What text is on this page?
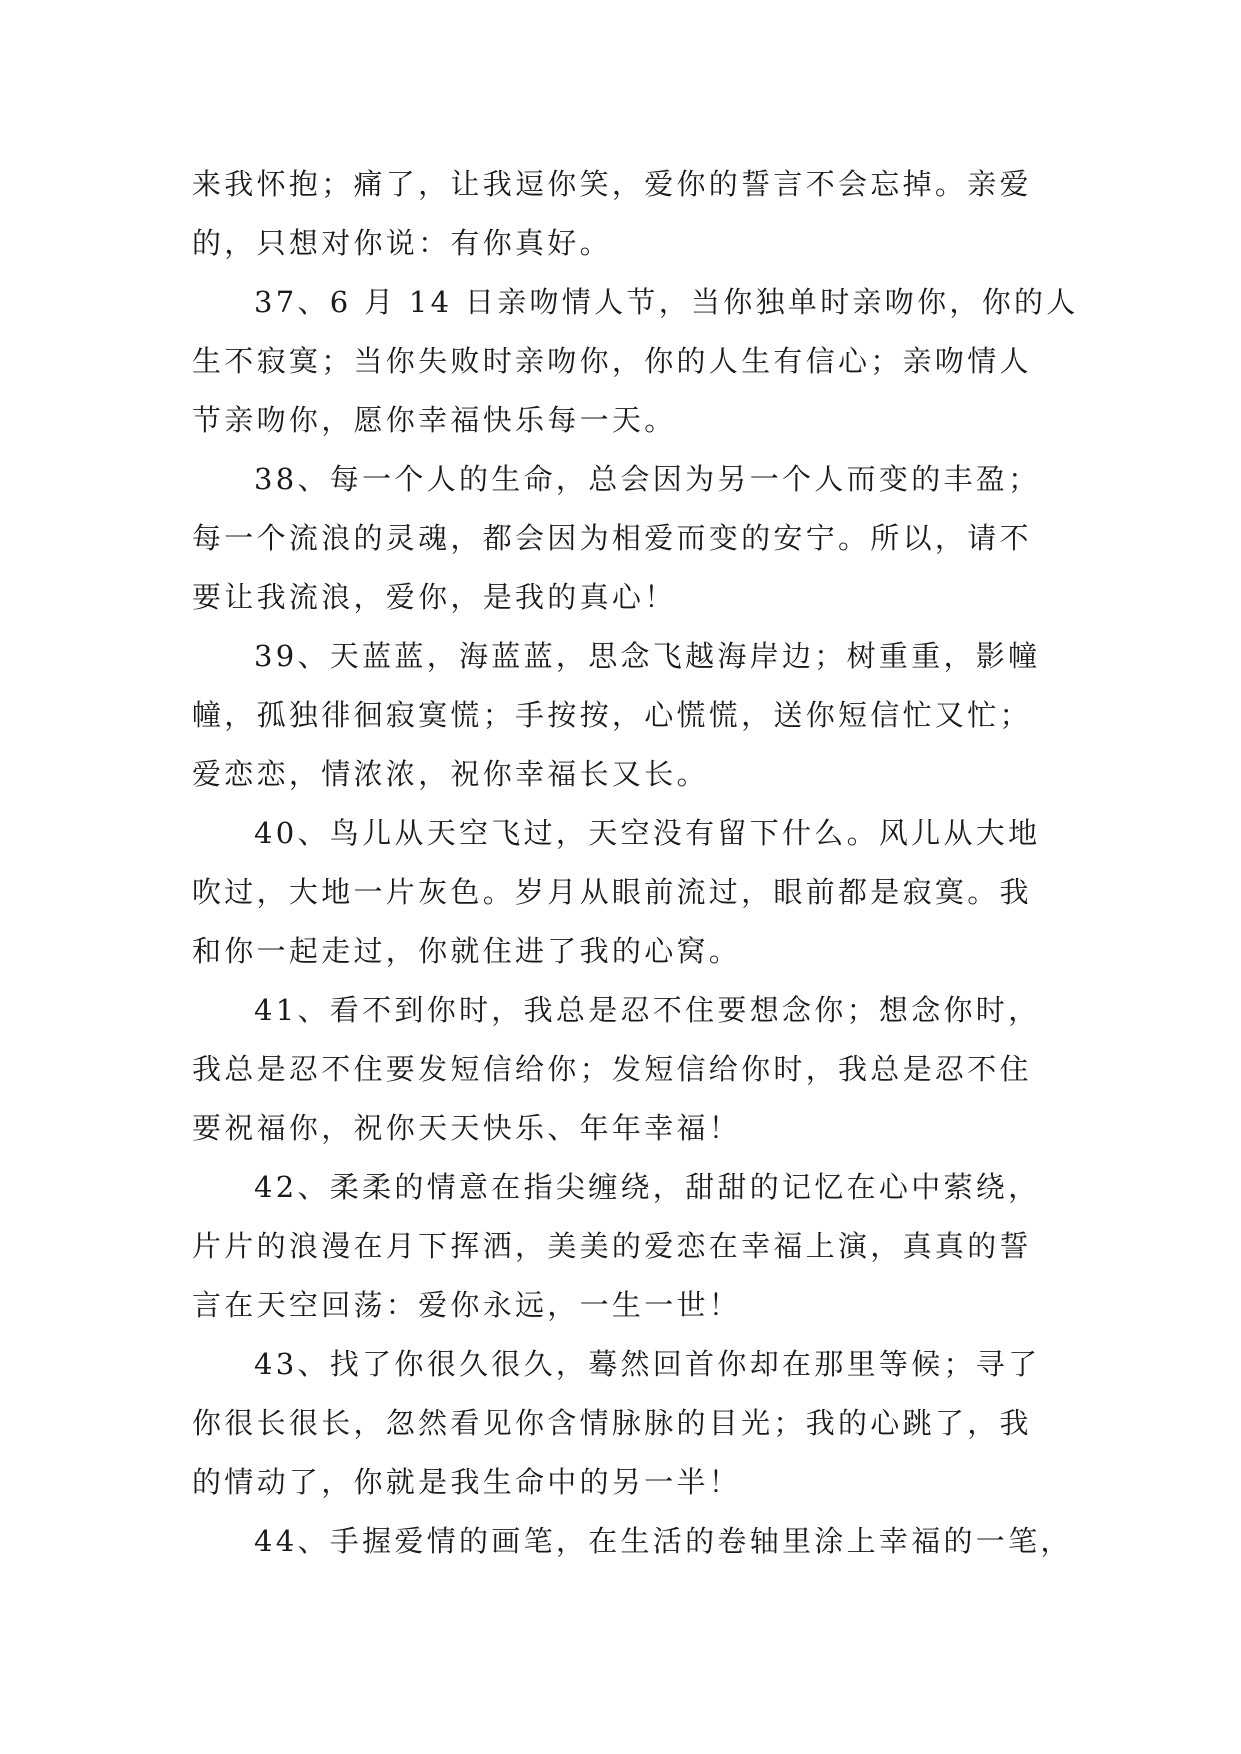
来我怀抱；痛了，让我逗你笑，爱你的誓言不会忘掉。亲爱
的，只想对你说：有你真好。
37、6 月 14 日亲吻情人节，当你独单时亲吻你，你的人
生不寂寞；当你失败时亲吻你，你的人生有信心；亲吻情人
节亲吻你，愿你幸福快乐每一天。
38、每一个人的生命，总会因为另一个人而变的丰盈；
每一个流浪的灵魂，都会因为相爱而变的安宁。所以，请不
要让我流浪，爱你，是我的真心！
39、天蓝蓝，海蓝蓝，思念飞越海岸边；树重重，影幢
幢，孤独徘徊寂寞慌；手按按，心慌慌，送你短信忙又忙；
爱恋恋，情浓浓，祝你幸福长又长。
40、鸟儿从天空飞过，天空没有留下什么。风儿从大地
吹过，大地一片灰色。岁月从眼前流过，眼前都是寂寞。我
和你一起走过，你就住进了我的心窝。
41、看不到你时，我总是忍不住要想念你；想念你时，
我总是忍不住要发短信给你；发短信给你时，我总是忍不住
要祝福你，祝你天天快乐、年年幸福！
42、柔柔的情意在指尖缠绕，甜甜的记忆在心中萦绕，
片片的浪漫在月下挥洒，美美的爱恋在幸福上演，真真的誓
言在天空回荡：爱你永远，一生一世！
43、找了你很久很久，蓦然回首你却在那里等候；寻了
你很长很长，忽然看见你含情脉脉的目光；我的心跳了，我
的情动了，你就是我生命中的另一半！
44、手握爱情的画笔，在生活的卷轴里涂上幸福的一笔，
